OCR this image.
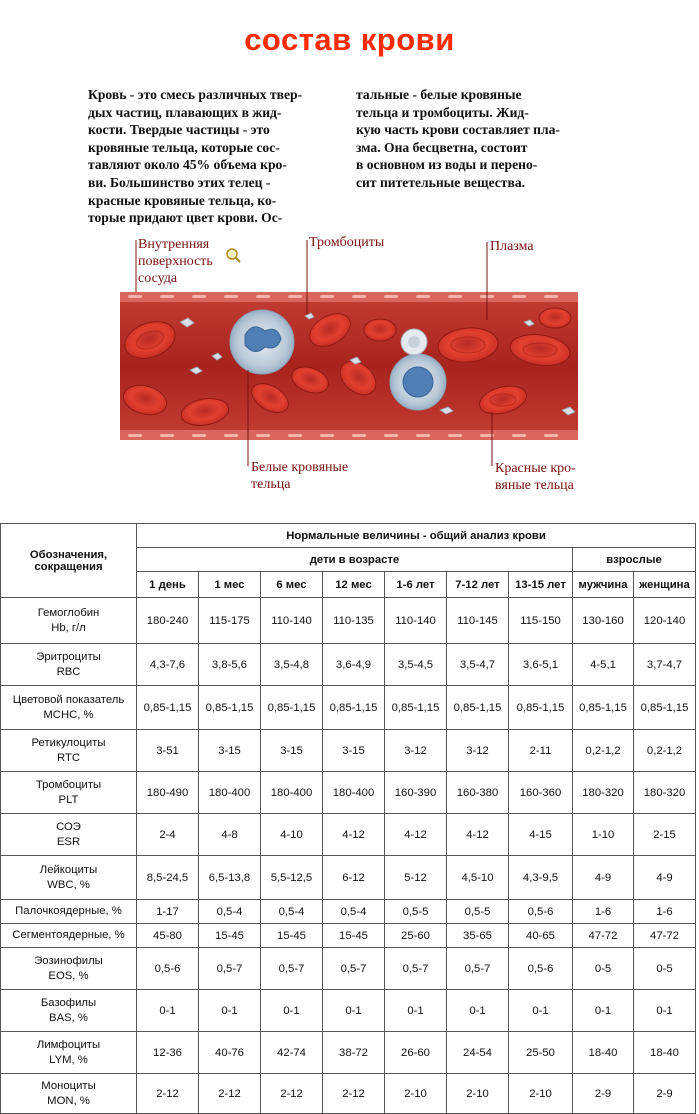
состав крови
Кровь - это смесь различных твер-
дых частиц, плавающих в жид-
кости. Твердые частицы - это
кровяные тельца, которые сос-
тавляют около 45% объема кро-
ви. Большинство этих телец -
красные кровяные тельца, ко-
торые придают цвет крови. Ос-
тальные - белые кровяные
тельца и тромбоциты. Жид-
кую часть крови составляет пла-
зма. Она бесцветна, состоит
в основном из воды и перено-
сит питетельные вещества.
Внутренняя
поверхность
сосуда
Тромбоциты	Плазма
Белые кровяные
тельца
Красные кро-
вяные тельца
Обозначения,
сокращения	Нормальные величины - общий анализ крови								
	дети в возрасте							взрослые	
	1 день	1 мес	6 мес	12 мес	1-6 лет	7-12 лет	13-15 лет	мужчина	женщина

Гемоглобин
Hb, г/л	180-240	115-175	110-140	110-135	110-140	110-145	115-150	130-160	120-140

Эритроциты
RBC	4,3-7,6	3,8-5,6	3,5-4,8	3,6-4,9	3,5-4,5	3,5-4,7	3,6-5,1	4-5,1	3,7-4,7

Цветовой показатель
MCHC, %	0,85-1,15	0,85-1,15	0,85-1,15	0,85-1,15	0,85-1,15	0,85-1,15	0,85-1,15	0,85-1,15	0,85-1,15

Ретикулоциты
RTC	3-51	3-15	3-15	3-15	3-12	3-12	2-11	0,2-1,2	0,2-1,2

Тромбоциты
PLT	180-490	180-400	180-400	180-400	160-390	160-380	160-360	180-320	180-320

СОЭ
ESR	2-4	4-8	4-10	4-12	4-12	4-12	4-15	1-10	2-15

Лейкоциты
WBC, %	8,5-24,5	6,5-13,8	5,5-12,5	6-12	5-12	4,5-10	4,3-9,5	4-9	4-9

Палочкоядерные, %	1-17	0,5-4	0,5-4	0,5-4	0,5-5	0,5-5	0,5-6	1-6	1-6

Сегментоядерные, %	45-80	15-45	15-45	15-45	25-60	35-65	40-65	47-72	47-72

Эозинофилы
EOS, %	0,5-6	0,5-7	0,5-7	0,5-7	0,5-7	0,5-7	0,5-6	0-5	0-5

Базофилы
BAS, %	0-1	0-1	0-1	0-1	0-1	0-1	0-1	0-1	0-1

Лимфоциты
LYM, %	12-36	40-76	42-74	38-72	26-60	24-54	25-50	18-40	18-40

Моноциты
MON, %	2-12	2-12	2-12	2-12	2-10	2-10	2-10	2-9	2-9
